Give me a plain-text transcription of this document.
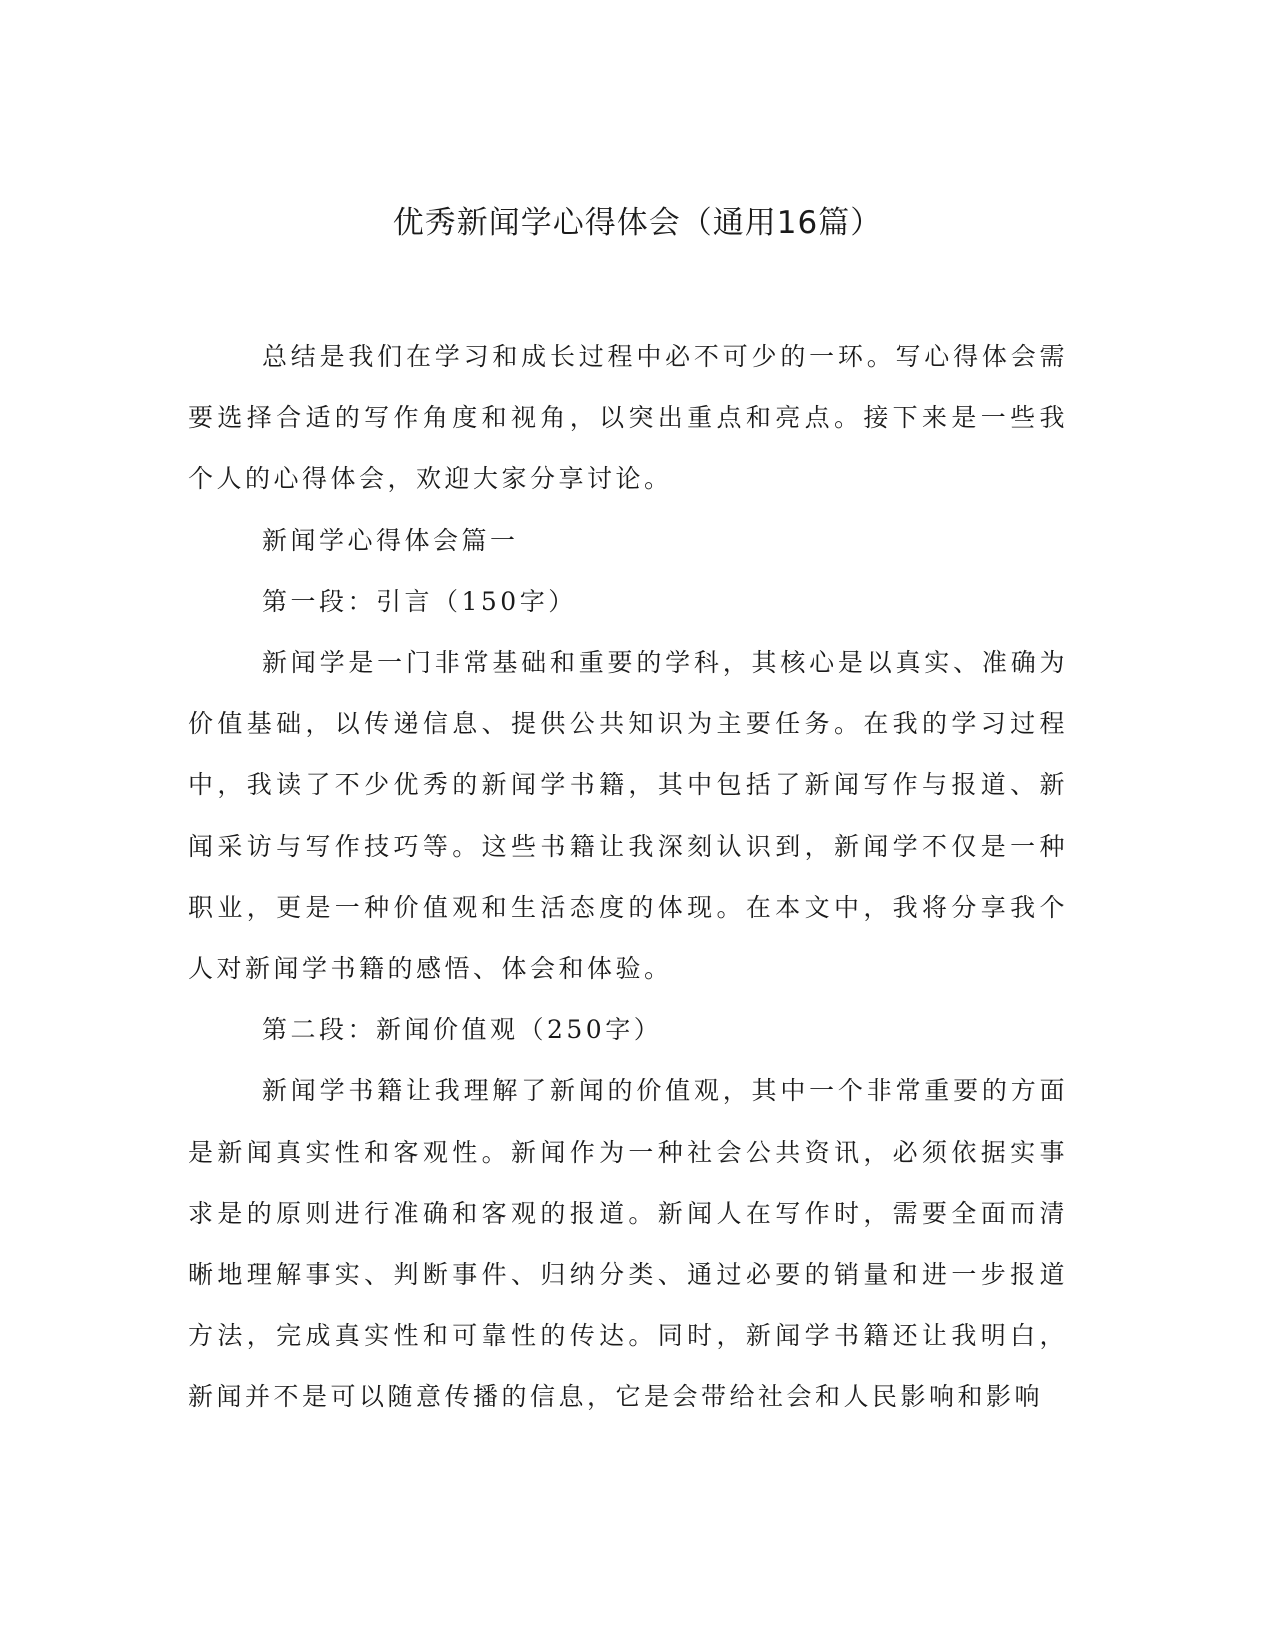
优秀新闻学心得体会（通用16篇）

总结是我们在学习和成长过程中必不可少的一环。写心得体会需要选择合适的写作角度和视角，以突出重点和亮点。接下来是一些我个人的心得体会，欢迎大家分享讨论。

新闻学心得体会篇一

第一段：引言（150字）

新闻学是一门非常基础和重要的学科，其核心是以真实、准确为价值基础，以传递信息、提供公共知识为主要任务。在我的学习过程中，我读了不少优秀的新闻学书籍，其中包括了新闻写作与报道、新闻采访与写作技巧等。这些书籍让我深刻认识到，新闻学不仅是一种职业，更是一种价值观和生活态度的体现。在本文中，我将分享我个人对新闻学书籍的感悟、体会和体验。

第二段：新闻价值观（250字）

新闻学书籍让我理解了新闻的价值观，其中一个非常重要的方面是新闻真实性和客观性。新闻作为一种社会公共资讯，必须依据实事求是的原则进行准确和客观的报道。新闻人在写作时，需要全面而清晰地理解事实、判断事件、归纳分类、通过必要的销量和进一步报道方法，完成真实性和可靠性的传达。同时，新闻学书籍还让我明白，新闻并不是可以随意传播的信息，它是会带给社会和人民影响和影响
